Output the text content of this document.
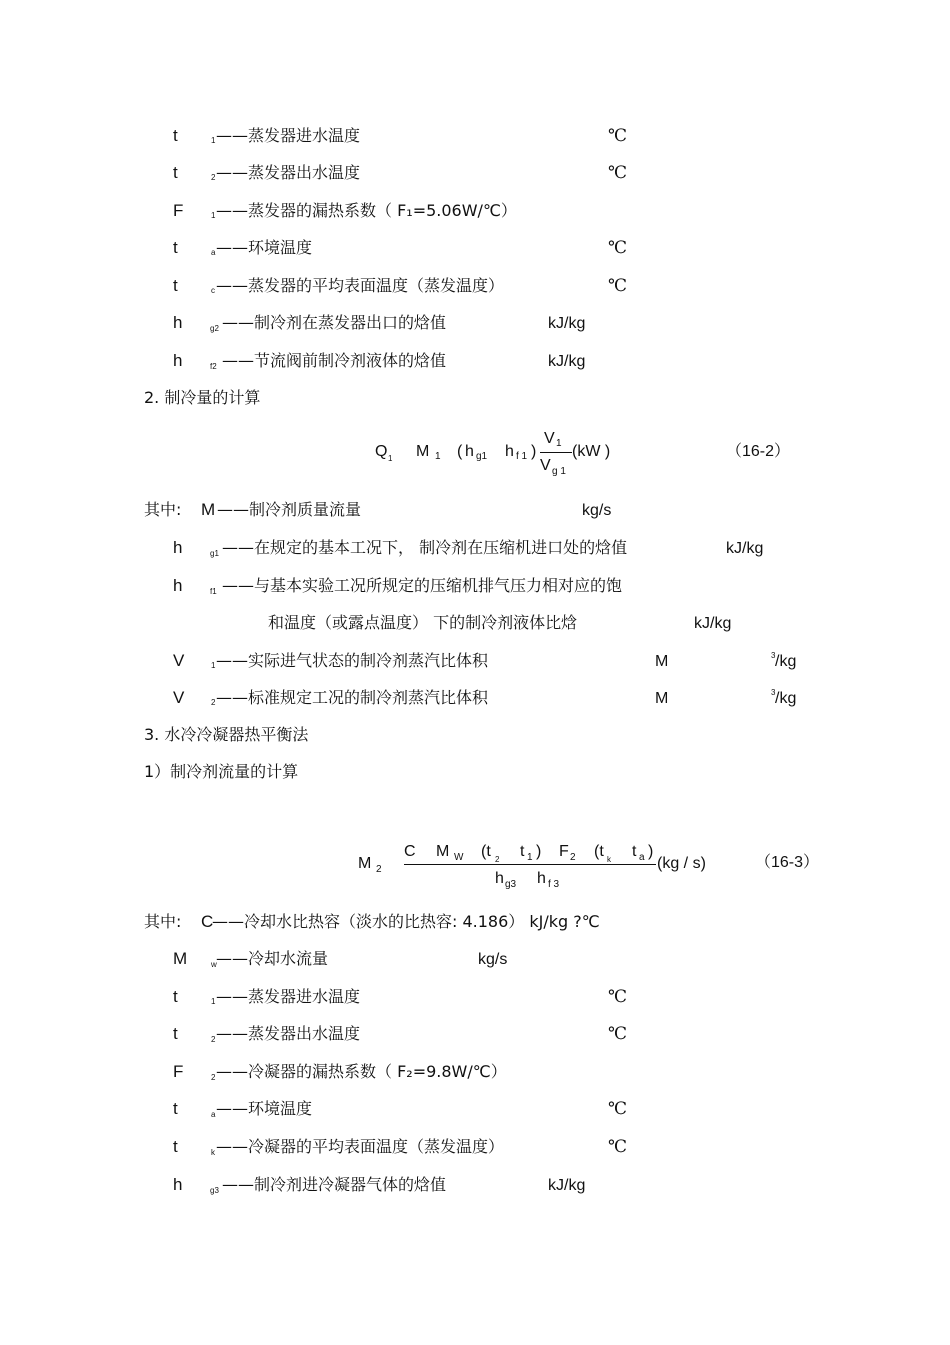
t	1 ——蒸发器进水温度	℃
t	2 ——蒸发器出水温度	℃
F	1 ——蒸发器的漏热系数（ F₁=5.06W/℃）
t	a ——环境温度	℃
t	c ——蒸发器的平均表面温度（蒸发温度）	℃
h	g2 ——制冷剂在蒸发器出口的焓值	kJ/kg
h	f2 ——节流阀前制冷剂液体的焓值	kJ/kg
2. 制冷量的计算
Q 1 M 1 ( h g1 h f 1 )
V 1
V g 1
(kW )	（16-2）
其中: M ——制冷剂质量流量	kg/s
h	g1 ——在规定的基本工况下， 制冷剂在压缩机进口处的焓值	kJ/kg
h	f1 ——与基本实验工况所规定的压缩机排气压力相对应的饱
和温度（或露点温度） 下的制冷剂液体比焓	kJ/kg
V	1 ——实际进气状态的制冷剂蒸汽比体积	M	3 /kg
V	2 ——标准规定工况的制冷剂蒸汽比体积	M	3 /kg
3. 水冷冷凝器热平衡法
1）制冷剂流量的计算
M 2
C M W (t 2 t 1 ) F 2 (t k t a )
h g3 h f 3
(kg / s)	（16-3）
其中: C
——冷却水比热容（淡水的比热容: 4.186） kJ/kg ?℃
M	w ——冷却水流量	kg/s
t	1 ——蒸发器进水温度	℃
t	2 ——蒸发器出水温度	℃
F	2 ——冷凝器的漏热系数（ F₂=9.8W/℃）
t	a ——环境温度	℃
t	k ——冷凝器的平均表面温度（蒸发温度）	℃
h	g3 ——制冷剂进冷凝器气体的焓值	kJ/kg
